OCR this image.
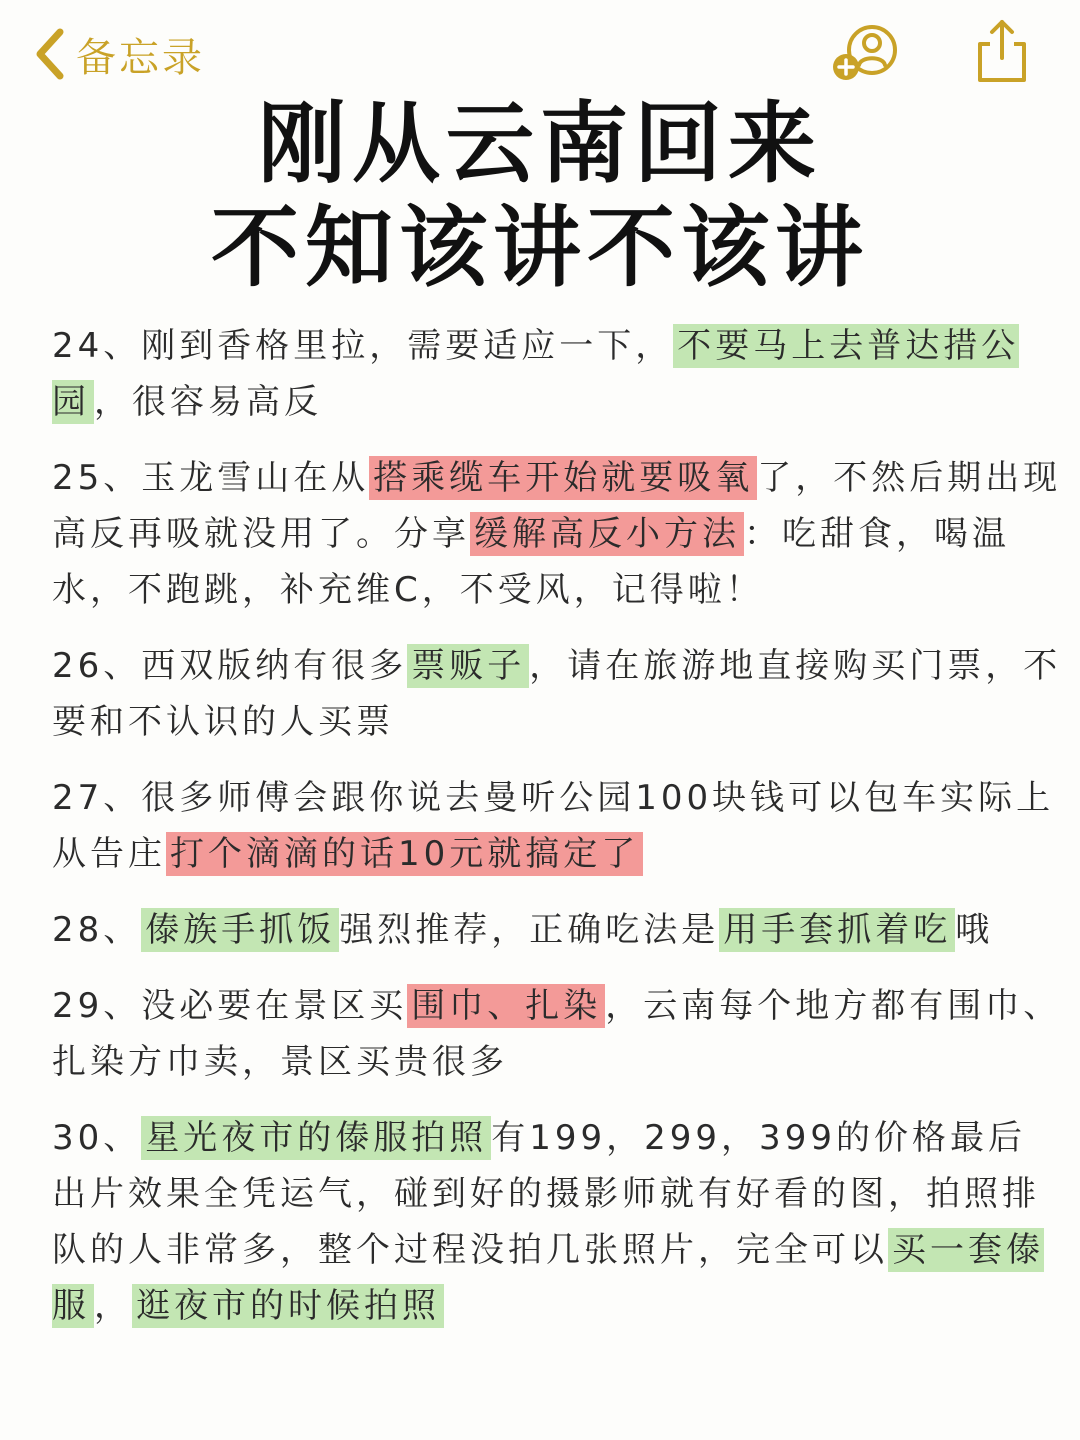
备忘录
刚从云南回来
不知该讲不该讲
24、刚到香格里拉，需要适应一下， 不要马上去普达措公园 ，很容易高反
25、玉龙雪山在从 搭乘缆车开始就要吸氧 了，不然后期出现高反再吸就没用了。分享 缓解高反小方法 ：吃甜食，喝温水，不跑跳，补充维C，不受风，记得啦！
26、西双版纳有很多 票贩子 ，请在旅游地直接购买门票，不要和不认识的人买票
27、很多师傅会跟你说去曼听公园100块钱可以包车实际上从告庄 打个滴滴的话10元就搞定了
28、 傣族手抓饭 强烈推荐，正确吃法是 用手套抓着吃 哦
29、没必要在景区买 围巾、扎染 ，云南每个地方都有围巾、扎染方巾卖，景区买贵很多
30、 星光夜市的傣服拍照 有199，299，399的价格最后出片效果全凭运气，碰到好的摄影师就有好看的图，拍照排队的人非常多，整个过程没拍几张照片，完全可以 买一套傣服 ， 逛夜市的时候拍照
